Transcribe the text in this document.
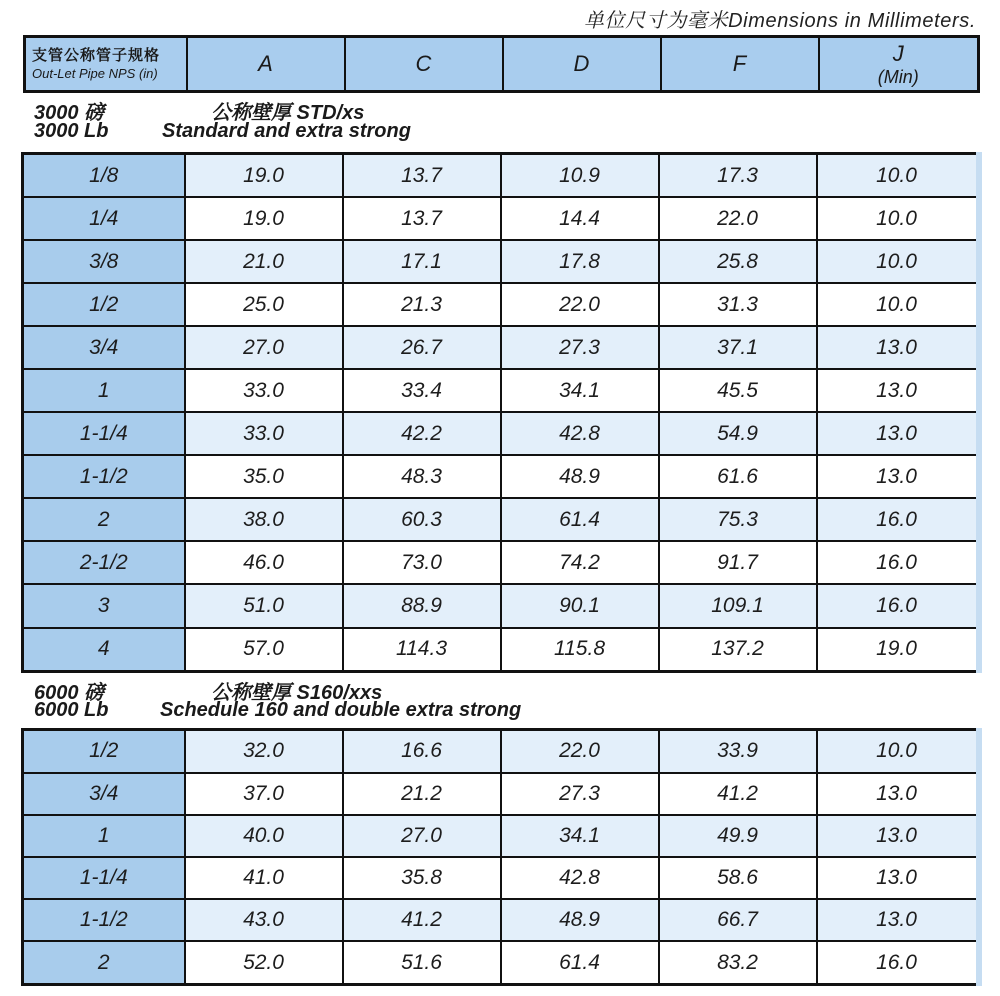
单位尺寸为毫米Dimensions in Millimeters.
支管公称管子规格
Out-Let Pipe NPS (in)	A	C	D	F	J
(Min)
3000 磅	公称壁厚 STD/xs
3000 Lb	Standard and extra strong
1/8	19.0	13.7	10.9	17.3	10.0
1/4	19.0	13.7	14.4	22.0	10.0
3/8	21.0	17.1	17.8	25.8	10.0
1/2	25.0	21.3	22.0	31.3	10.0
3/4	27.0	26.7	27.3	37.1	13.0
1	33.0	33.4	34.1	45.5	13.0
1-1/4	33.0	42.2	42.8	54.9	13.0
1-1/2	35.0	48.3	48.9	61.6	13.0
2	38.0	60.3	61.4	75.3	16.0
2-1/2	46.0	73.0	74.2	91.7	16.0
3	51.0	88.9	90.1	109.1	16.0
4	57.0	114.3	115.8	137.2	19.0
6000 磅	公称壁厚 S160/xxs
6000 Lb	Schedule 160 and double extra strong
1/2	32.0	16.6	22.0	33.9	10.0
3/4	37.0	21.2	27.3	41.2	13.0
1	40.0	27.0	34.1	49.9	13.0
1-1/4	41.0	35.8	42.8	58.6	13.0
1-1/2	43.0	41.2	48.9	66.7	13.0
2	52.0	51.6	61.4	83.2	16.0
